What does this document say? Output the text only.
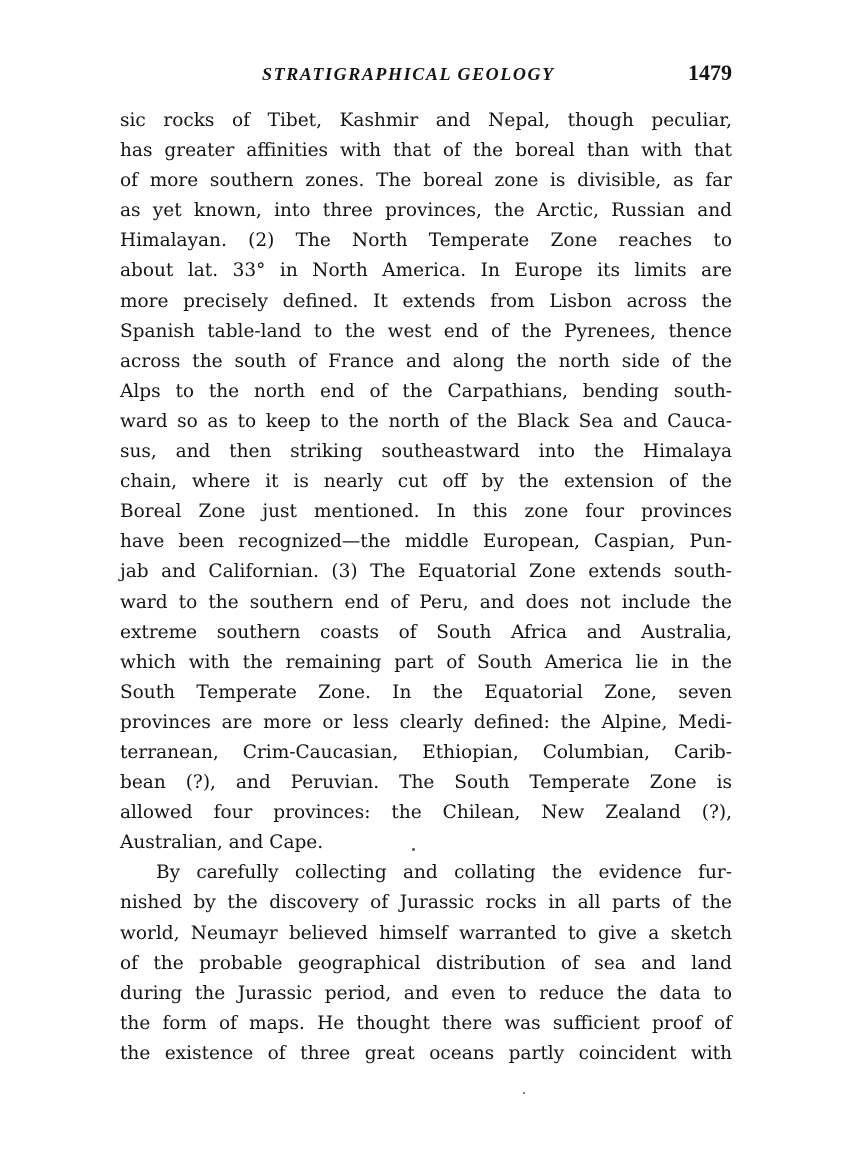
STRATIGRAPHICAL GEOLOGY	1479
sic rocks of Tibet, Kashmir and Nepal, though peculiar,
has greater affinities with that of the boreal than with that
of more southern zones. The boreal zone is divisible, as far
as yet known, into three provinces, the Arctic, Russian and
Himalayan. (2) The North Temperate Zone reaches to
about lat. 33° in North America. In Europe its limits are
more precisely defined. It extends from Lisbon across the
Spanish table-land to the west end of the Pyrenees, thence
across the south of France and along the north side of the
Alps to the north end of the Carpathians, bending south-
ward so as to keep to the north of the Black Sea and Cauca-
sus, and then striking southeastward into the Himalaya
chain, where it is nearly cut off by the extension of the
Boreal Zone just mentioned. In this zone four provinces
have been recognized—the middle European, Caspian, Pun-
jab and Californian. (3) The Equatorial Zone extends south-
ward to the southern end of Peru, and does not include the
extreme southern coasts of South Africa and Australia,
which with the remaining part of South America lie in the
South Temperate Zone. In the Equatorial Zone, seven
provinces are more or less clearly defined: the Alpine, Medi-
terranean, Crim-Caucasian, Ethiopian, Columbian, Carib-
bean (?), and Peruvian. The South Temperate Zone is
allowed four provinces: the Chilean, New Zealand (?),
Australian, and Cape.
By carefully collecting and collating the evidence fur-
nished by the discovery of Jurassic rocks in all parts of the
world, Neumayr believed himself warranted to give a sketch
of the probable geographical distribution of sea and land
during the Jurassic period, and even to reduce the data to
the form of maps. He thought there was sufficient proof of
the existence of three great oceans partly coincident with
